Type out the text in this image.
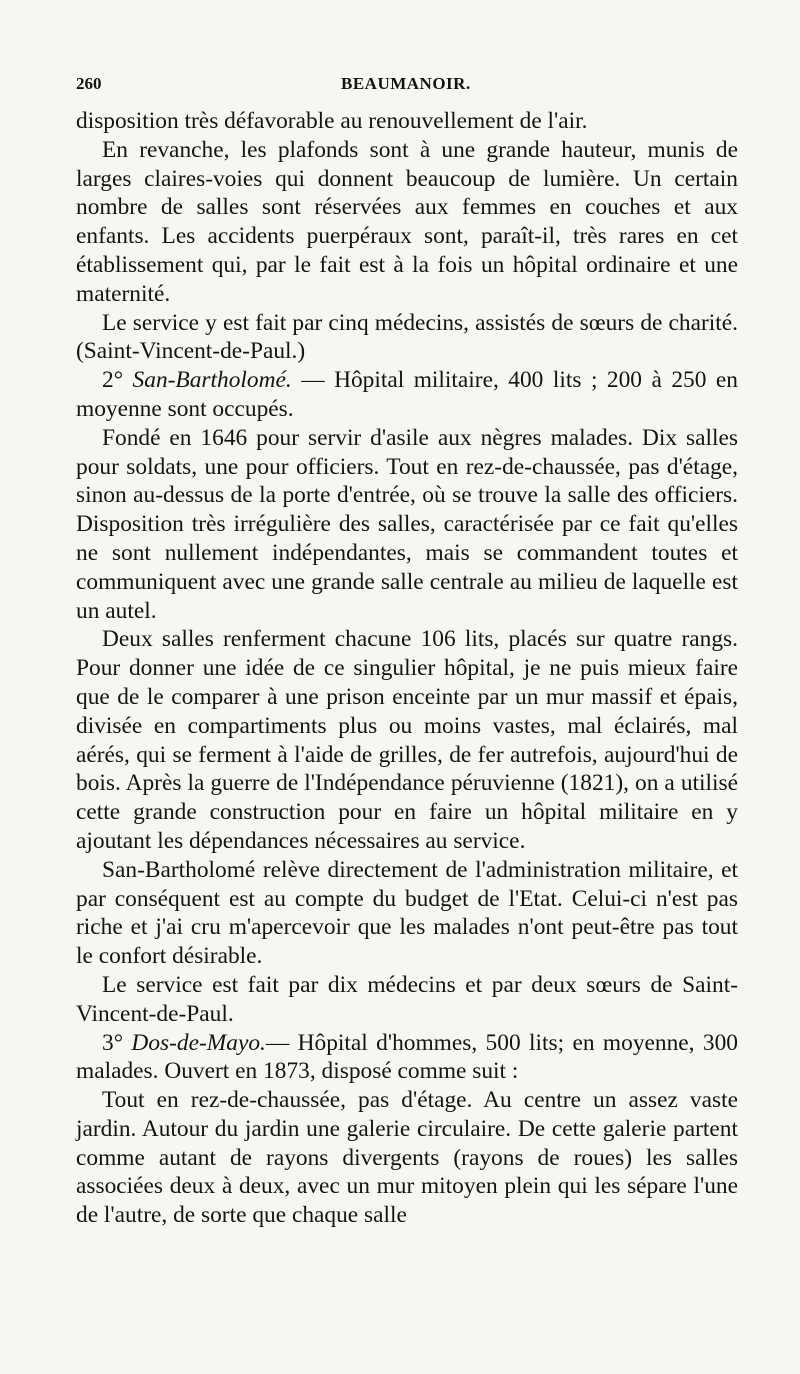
260	BEAUMANOIR.

disposition très défavorable au renouvellement de l'air.

En revanche, les plafonds sont à une grande hauteur, munis de larges claires-voies qui donnent beaucoup de lumière. Un certain nombre de salles sont réservées aux femmes en couches et aux enfants. Les accidents puerpéraux sont, paraît-il, très rares en cet établissement qui, par le fait est à la fois un hôpital ordinaire et une maternité.

Le service y est fait par cinq médecins, assistés de sœurs de charité. (Saint-Vincent-de-Paul.)

2° San-Bartholomé. — Hôpital militaire, 400 lits ; 200 à 250 en moyenne sont occupés.

Fondé en 1646 pour servir d'asile aux nègres malades. Dix salles pour soldats, une pour officiers. Tout en rez-de-chaussée, pas d'étage, sinon au-dessus de la porte d'entrée, où se trouve la salle des officiers. Disposition très irrégulière des salles, caractérisée par ce fait qu'elles ne sont nullement indépendantes, mais se commandent toutes et communiquent avec une grande salle centrale au milieu de laquelle est un autel.

Deux salles renferment chacune 106 lits, placés sur quatre rangs. Pour donner une idée de ce singulier hôpital, je ne puis mieux faire que de le comparer à une prison enceinte par un mur massif et épais, divisée en compartiments plus ou moins vastes, mal éclairés, mal aérés, qui se ferment à l'aide de grilles, de fer autrefois, aujourd'hui de bois. Après la guerre de l'Indépendance péruvienne (1821), on a utilisé cette grande construction pour en faire un hôpital militaire en y ajoutant les dépendances nécessaires au service.

San-Bartholomé relève directement de l'administration militaire, et par conséquent est au compte du budget de l'Etat. Celui-ci n'est pas riche et j'ai cru m'apercevoir que les malades n'ont peut-être pas tout le confort désirable.

Le service est fait par dix médecins et par deux sœurs de Saint-Vincent-de-Paul.

3° Dos-de-Mayo.— Hôpital d'hommes, 500 lits; en moyenne, 300 malades. Ouvert en 1873, disposé comme suit :

Tout en rez-de-chaussée, pas d'étage. Au centre un assez vaste jardin. Autour du jardin une galerie circulaire. De cette galerie partent comme autant de rayons divergents (rayons de roues) les salles associées deux à deux, avec un mur mitoyen plein qui les sépare l'une de l'autre, de sorte que chaque salle
